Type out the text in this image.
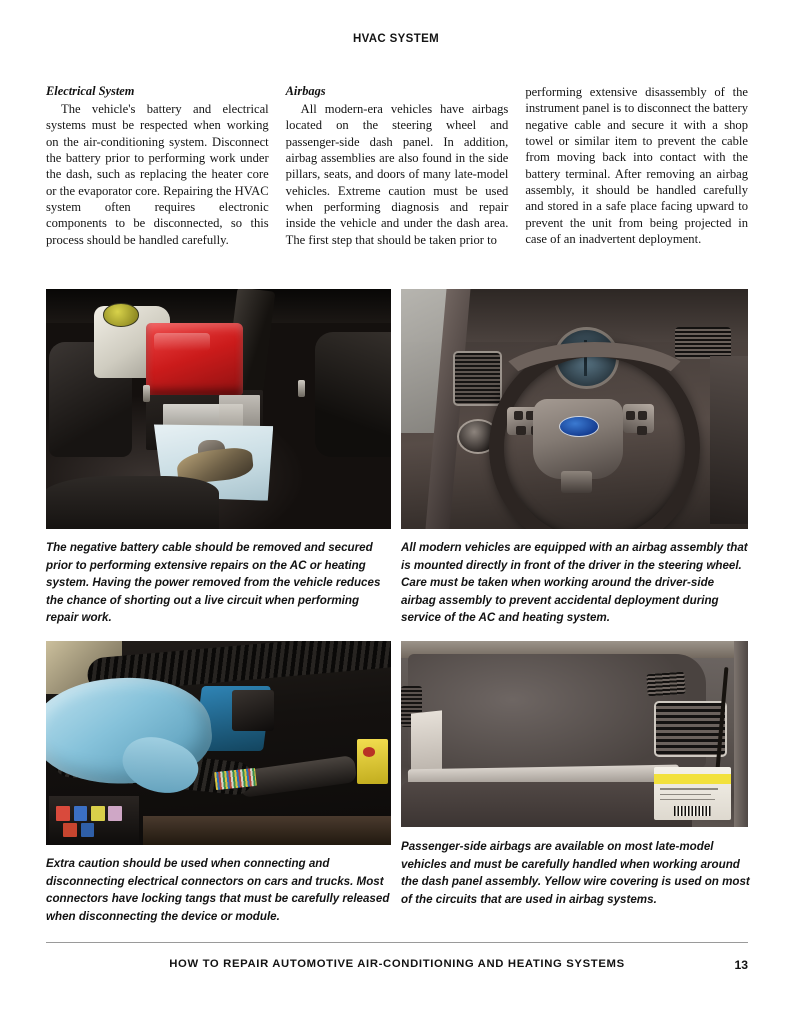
HVAC SYSTEM
Electrical System
The vehicle's battery and electrical systems must be respected when working on the air-conditioning system. Disconnect the battery prior to performing work under the dash, such as replacing the heater core or the evaporator core. Repairing the HVAC system often requires electronic components to be disconnected, so this process should be handled carefully.
Airbags
All modern-era vehicles have airbags located on the steering wheel and passenger-side dash panel. In addition, airbag assemblies are also found in the side pillars, seats, and doors of many late-model vehicles. Extreme caution must be used when performing diagnosis and repair inside the vehicle and under the dash area. The first step that should be taken prior to
performing extensive disassembly of the instrument panel is to disconnect the battery negative cable and secure it with a shop towel or similar item to prevent the cable from moving back into contact with the battery terminal. After removing an airbag assembly, it should be handled carefully and stored in a safe place facing upward to prevent the unit from being projected in case of an inadvertent deployment.
The negative battery cable should be removed and secured prior to performing extensive repairs on the AC or heating system. Having the power removed from the vehicle reduces the chance of shorting out a live circuit when performing repair work.
All modern vehicles are equipped with an airbag assembly that is mounted directly in front of the driver in the steering wheel. Care must be taken when working around the driver-side airbag assembly to prevent accidental deployment during service of the AC and heating system.
Extra caution should be used when connecting and disconnecting electrical connectors on cars and trucks. Most connectors have locking tangs that must be carefully released when disconnecting the device or module.
Passenger-side airbags are available on most late-model vehicles and must be carefully handled when working around the dash panel assembly. Yellow wire covering is used on most of the circuits that are used in airbag systems.
HOW TO REPAIR AUTOMOTIVE AIR-CONDITIONING AND HEATING SYSTEMS	13
